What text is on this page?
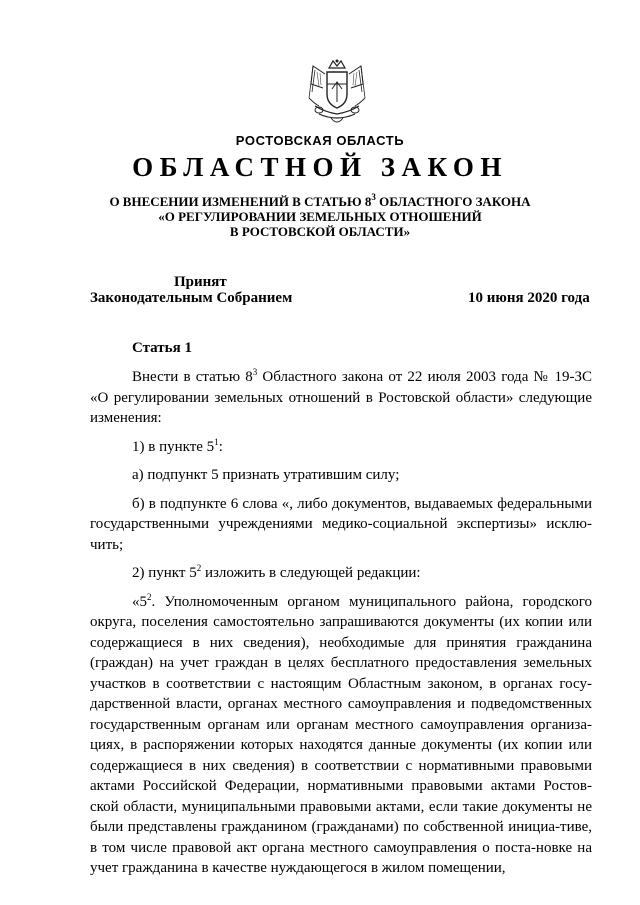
РОСТОВСКАЯ ОБЛАСТЬ
ОБЛАСТНОЙ ЗАКОН
О ВНЕСЕНИИ ИЗМЕНЕНИЙ В СТАТЬЮ $8^3$ ОБЛАСТНОГО ЗАКОНА
«О РЕГУЛИРОВАНИИ ЗЕМЕЛЬНЫХ ОТНОШЕНИЙ
В РОСТОВСКОЙ ОБЛАСТИ»
Принят
Законодательным Собранием	10 июня 2020 года
Статья 1

Внести в статью $8^3$ Областного закона от 22 июля 2003 года № 19-ЗС «О регулировании земельных отношений в Ростовской области» следующие изменения:

1) в пункте $5^1$:

а) подпункт 5 признать утратившим силу;

б) в подпункте 6 слова «, либо документов, выдаваемых федеральными государственными учреждениями медико-социальной экспертизы» исклю-чить;

2) пункт $5^2$ изложить в следующей редакции:

«$5^2$. Уполномоченным органом муниципального района, городского округа, поселения самостоятельно запрашиваются документы (их копии или содержащиеся в них сведения), необходимые для принятия гражданина (граждан) на учет граждан в целях бесплатного предоставления земельных участков в соответствии с настоящим Областным законом, в органах госу-дарственной власти, органах местного самоуправления и подведомственных государственным органам или органам местного самоуправления организа-циях, в распоряжении которых находятся данные документы (их копии или содержащиеся в них сведения) в соответствии с нормативными правовыми актами Российской Федерации, нормативными правовыми актами Ростов-ской области, муниципальными правовыми актами, если такие документы не были представлены гражданином (гражданами) по собственной инициа-тиве, в том числе правовой акт органа местного самоуправления о поста-новке на учет гражданина в качестве нуждающегося в жилом помещении,
